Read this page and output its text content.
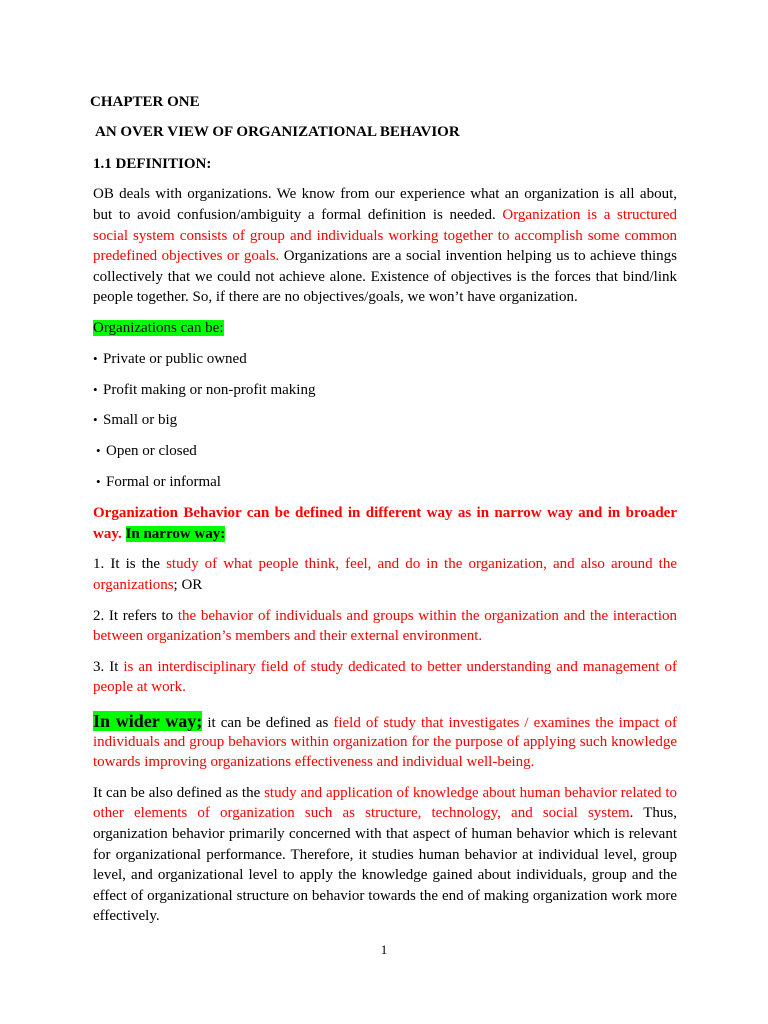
CHAPTER ONE
AN OVER VIEW OF ORGANIZATIONAL BEHAVIOR
1.1 DEFINITION:
OB deals with organizations. We know from our experience what an organization is all about,
but to avoid confusion/ambiguity a formal definition is needed. Organization is a structured
social system consists of group and individuals working together to accomplish some common
predefined objectives or goals. Organizations are a social invention helping us to achieve things
collectively that we could not achieve alone. Existence of objectives is the forces that bind/link
people together. So, if there are no objectives/goals, we won’t have organization.
Organizations can be:
• Private or public owned
• Profit making or non-profit making
• Small or big
• Open or closed
• Formal or informal
Organization Behavior can be defined in different way as in narrow way and in broader
way. In narrow way:
1. It is the study of what people think, feel, and do in the organization, and also around the
organizations; OR
2. It refers to the behavior of individuals and groups within the organization and the interaction
between organization’s members and their external environment.
3. It is an interdisciplinary field of study dedicated to better understanding and management of
people at work.
In wider way; it can be defined as field of study that investigates / examines the impact of
individuals and group behaviors within organization for the purpose of applying such knowledge
towards improving organizations effectiveness and individual well-being.
It can be also defined as the study and application of knowledge about human behavior related to
other elements of organization such as structure, technology, and social system. Thus,
organization behavior primarily concerned with that aspect of human behavior which is relevant
for organizational performance. Therefore, it studies human behavior at individual level, group
level, and organizational level to apply the knowledge gained about individuals, group and the
effect of organizational structure on behavior towards the end of making organization work more
effectively.
1
